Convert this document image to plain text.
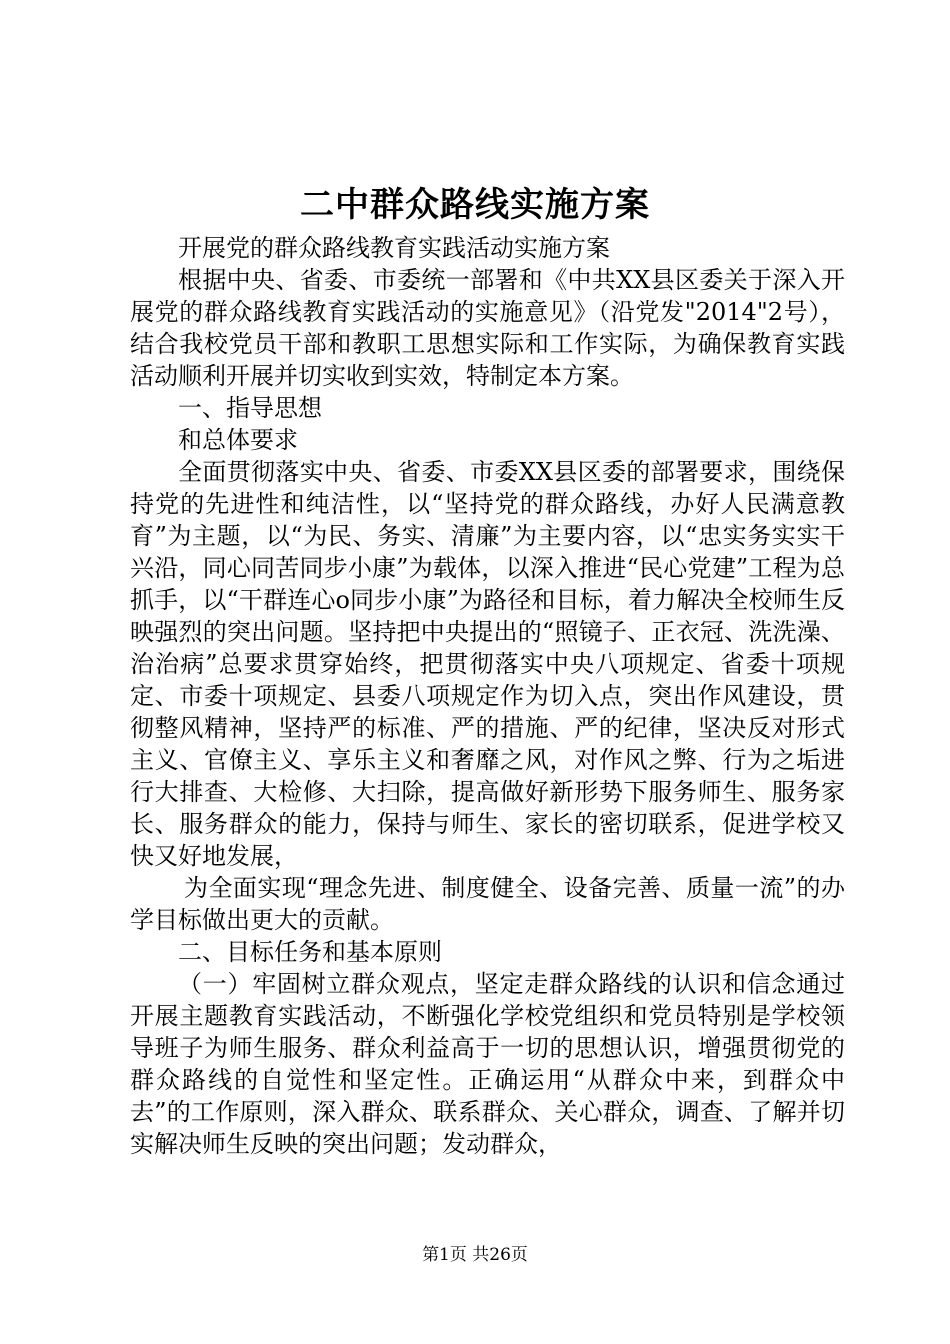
二中群众路线实施方案

开展党的群众路线教育实践活动实施方案

根据中央、省委、市委统一部署和《中共XX县区委关于深入开展党的群众路线教育实践活动的实施意见》（沿党发"2014"2号），结合我校党员干部和教职工思想实际和工作实际，为确保教育实践活动顺利开展并切实收到实效，特制定本方案。

一、指导思想

和总体要求

全面贯彻落实中央、省委、市委XX县区委的部署要求，围绕保持党的先进性和纯洁性，以“坚持党的群众路线，办好人民满意教育”为主题，以“为民、务实、清廉”为主要内容，以“忠实务实实干兴沿，同心同苦同步小康”为载体，以深入推进“民心党建”工程为总抓手，以“干群连心o同步小康”为路径和目标，着力解决全校师生反映强烈的突出问题。坚持把中央提出的“照镜子、正衣冠、洗洗澡、治治病”总要求贯穿始终，把贯彻落实中央八项规定、省委十项规定、市委十项规定、县委八项规定作为切入点，突出作风建设，贯彻整风精神，坚持严的标准、严的措施、严的纪律，坚决反对形式主义、官僚主义、享乐主义和奢靡之风，对作风之弊、行为之垢进行大排查、大检修、大扫除，提高做好新形势下服务师生、服务家长、服务群众的能力，保持与师生、家长的密切联系，促进学校又快又好地发展，

为全面实现“理念先进、制度健全、设备完善、质量一流”的办学目标做出更大的贡献。

二、目标任务和基本原则

（一）牢固树立群众观点，坚定走群众路线的认识和信念通过开展主题教育实践活动，不断强化学校党组织和党员特别是学校领导班子为师生服务、群众利益高于一切的思想认识，增强贯彻党的群众路线的自觉性和坚定性。正确运用“从群众中来，到群众中去”的工作原则，深入群众、联系群众、关心群众，调查、了解并切实解决师生反映的突出问题；发动群众，

第1页 共26页
